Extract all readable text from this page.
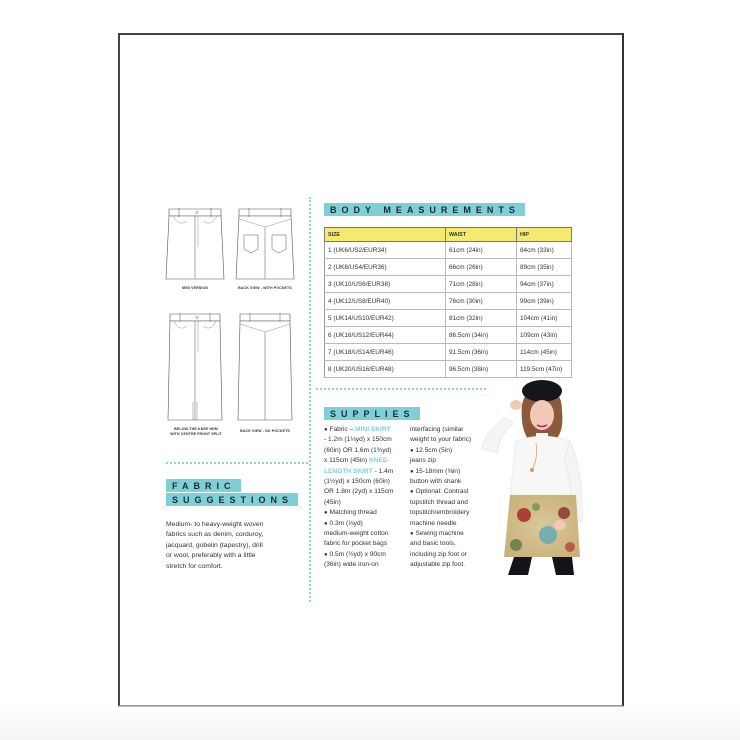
MINI VERSION	BACK VIEW - WITH POCKETS
BELOW-THE-KNEE HEM
WITH CENTRE FRONT SPLIT
BACK VIEW - NO POCKETS
BODY MEASUREMENTS
SIZE	WAIST	HIP
1 (UK6/US2/EUR34)	61cm (24in)	84cm (33in)
2 (UK8/US4/EUR36)	66cm (26in)	89cm (35in)
3 (UK10/US6/EUR38)	71cm (28in)	94cm (37in)
4 (UK12/US8/EUR40)	76cm (30in)	99cm (39in)
5 (UK14/US10/EUR42)	81cm (32in)	104cm (41in)
6 (UK16/US12/EUR44)	86.5cm (34in)	109cm (43in)
7 (UK18/US14/EUR46)	91.5cm (36in)	114cm (45in)
8 (UK20/US16/EUR48)	96.5cm (38in)	119.5cm (47in)
SUPPLIES
● Fabric – MINI SKIRT
- 1.2m (1⅓yd) x 150cm
(60in) OR 1.6m (1¾yd)
x 115cm (45in) KNEE-
LENGTH SKIRT - 1.4m
(1½yd) x 150cm (60in)
OR 1.8m (2yd) x 115cm
(45in)
● Matching thread
● 0.3m (⅓yd)
medium-weight cotton
fabric for pocket bags
● 0.5m (½yd) x 90cm
(36in) wide iron-on
interfacing (similar
weight to your fabric)
● 12.5cm (5in)
jeans zip
● 15-18mm (⅝in)
button with shank
● Optional: Contrast
topstitch thread and
topstitch/embroidery
machine needle
● Sewing machine
and basic tools,
including zip foot or
adjustable zip foot.
FABRIC
SUGGESTIONS
Medium- to heavy-weight woven
fabrics such as denim, corduroy,
jacquard, gobelin (tapestry), drill
or wool, preferably with a little
stretch for comfort.
